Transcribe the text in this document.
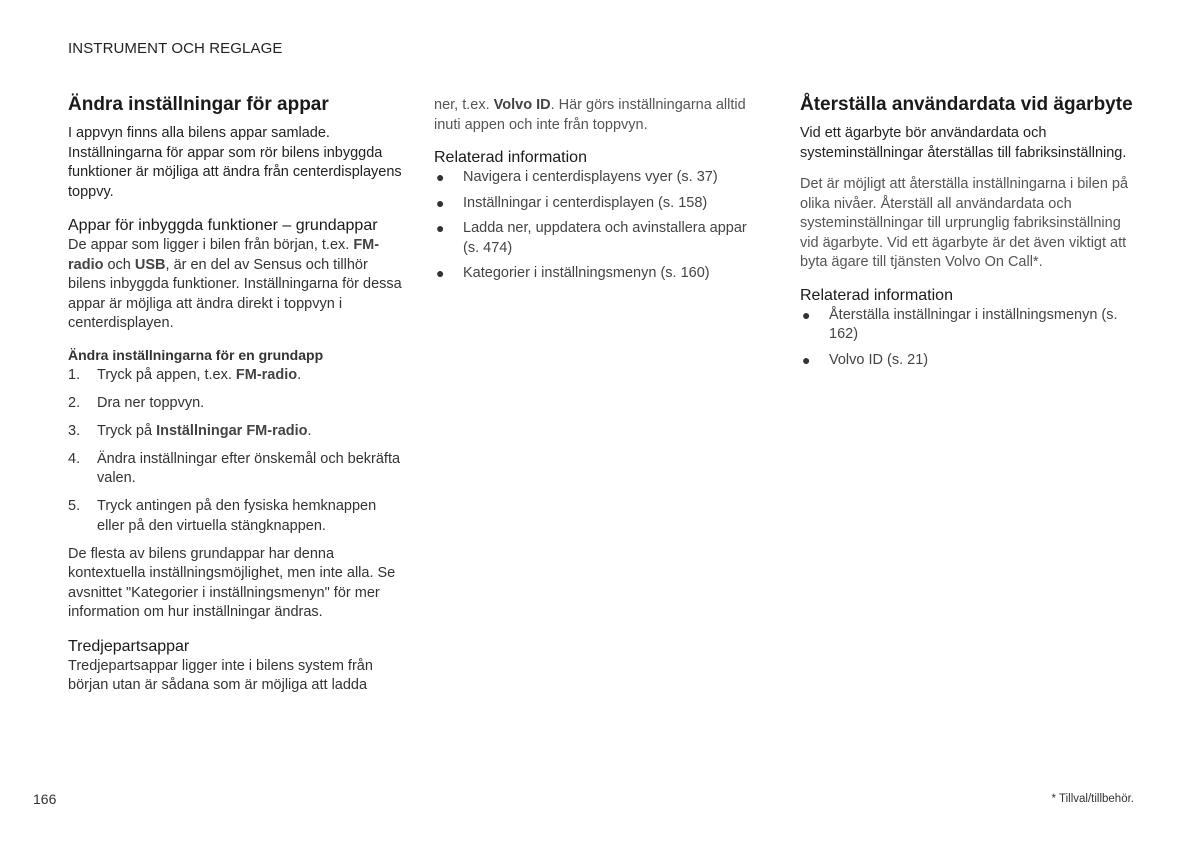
INSTRUMENT OCH REGLAGE
Ändra inställningar för appar

I appvyn finns alla bilens appar samlade. Inställningarna för appar som rör bilens inbyggda funktioner är möjliga att ändra från centerdisplayens toppvy.

Appar för inbyggda funktioner – grundappar

De appar som ligger i bilen från början, t.ex. FM-radio och USB, är en del av Sensus och tillhör bilens inbyggda funktioner. Inställningarna för dessa appar är möjliga att ändra direkt i toppvyn i centerdisplayen.

Ändra inställningarna för en grundapp
1. Tryck på appen, t.ex. FM-radio.
2. Dra ner toppvyn.
3. Tryck på Inställningar FM-radio.
4. Ändra inställningar efter önskemål och bekräfta valen.
5. Tryck antingen på den fysiska hemknappen eller på den virtuella stängknappen.

De flesta av bilens grundappar har denna kontextuella inställningsmöjlighet, men inte alla. Se avsnittet "Kategorier i inställningsmenyn" för mer information om hur inställningar ändras.

Tredjepartsappar

Tredjepartsappar ligger inte i bilens system från början utan är sådana som är möjliga att ladda

ner, t.ex. Volvo ID. Här görs inställningarna alltid inuti appen och inte från toppvyn.

Relaterad information
● Navigera i centerdisplayens vyer (s. 37)
● Inställningar i centerdisplayen (s. 158)
● Ladda ner, uppdatera och avinstallera appar (s. 474)
● Kategorier i inställningsmenyn (s. 160)
Återställa användardata vid ägarbyte

Vid ett ägarbyte bör användardata och systeminställningar återställas till fabriksinställning.

Det är möjligt att återställa inställningarna i bilen på olika nivåer. Återställ all användardata och systeminställningar till urprunglig fabriksinställning vid ägarbyte. Vid ett ägarbyte är det även viktigt att byta ägare till tjänsten Volvo On Call*.

Relaterad information
● Återställa inställningar i inställningsmenyn (s. 162)
● Volvo ID (s. 21)
166	* Tillval/tillbehör.
